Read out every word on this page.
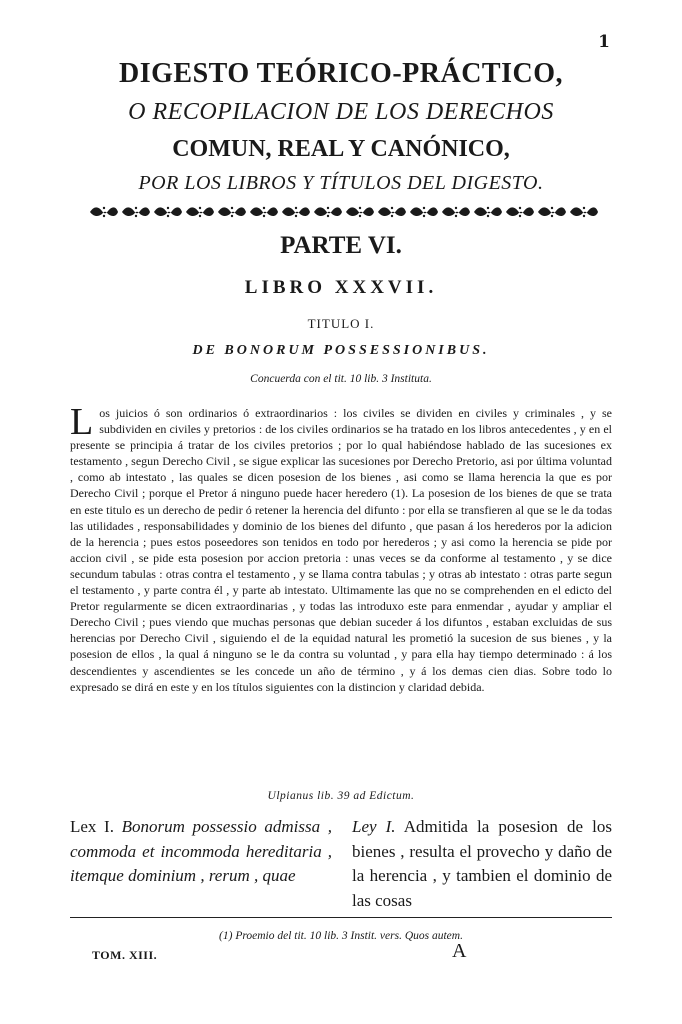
1
DIGESTO TEÓRICO-PRÁCTICO,
O RECOPILACION DE LOS DERECHOS
COMUN, REAL Y CANÓNICO,
POR LOS LIBROS Y TÍTULOS DEL DIGESTO.
PARTE VI.
LIBRO XXXVII.
TITULO I.
DE BONORUM POSSESSIONIBUS.
Concuerda con el tit. 10 lib. 3 Instituta.
Los juicios ó son ordinarios ó extraordinarios : los civiles se dividen en civiles y criminales , y se subdividen en civiles y pretorios : de los civiles ordinarios se ha tratado en los libros antecedentes , y en el presente se principia á tratar de los civiles pretorios ; por lo qual habiéndose hablado de las sucesiones ex testamento , segun Derecho Civil , se sigue explicar las sucesiones por Derecho Pretorio, asi por última voluntad , como ab intestato , las quales se dicen posesion de los bienes , asi como se llama herencia la que es por Derecho Civil ; porque el Pretor á ninguno puede hacer heredero (1). La posesion de los bienes de que se trata en este titulo es un derecho de pedir ó retener la herencia del difunto : por ella se transfieren al que se le da todas las utilidades , responsabilidades y dominio de los bienes del difunto , que pasan á los herederos por la adicion de la herencia ; pues estos poseedores son tenidos en todo por herederos ; y asi como la herencia se pide por accion civil , se pide esta posesion por accion pretoria : unas veces se da conforme al testamento , y se dice secundum tabulas : otras contra el testamento , y se llama contra tabulas ; y otras ab intestato : otras parte segun el testamento , y parte contra él , y parte ab intestato. Ultimamente las que no se comprehenden en el edicto del Pretor regularmente se dicen extraordinarias , y todas las introduxo este para enmendar , ayudar y ampliar el Derecho Civil ; pues viendo que muchas personas que debian suceder á los difuntos , estaban excluidas de sus herencias por Derecho Civil , siguiendo el de la equidad natural les prometió la sucesion de sus bienes , y la posesion de ellos , la qual á ninguno se le da contra su voluntad , y para ella hay tiempo determinado : á los descendientes y ascendientes se les concede un año de término , y á los demas cien dias. Sobre todo lo expresado se dirá en este y en los títulos siguientes con la distincion y claridad debida.
Ulpianus lib. 39 ad Edictum.
Lex I. Bonorum possessio admissa , commoda et incommoda hereditaria , itemque dominium , rerum , quae
Ley I. Admitida la posesion de los bienes , resulta el provecho y daño de la herencia , y tambien el dominio de las cosas
(1) Proemio del tit. 10 lib. 3 Instit. vers. Quos autem.
TOM. XIII.	A
